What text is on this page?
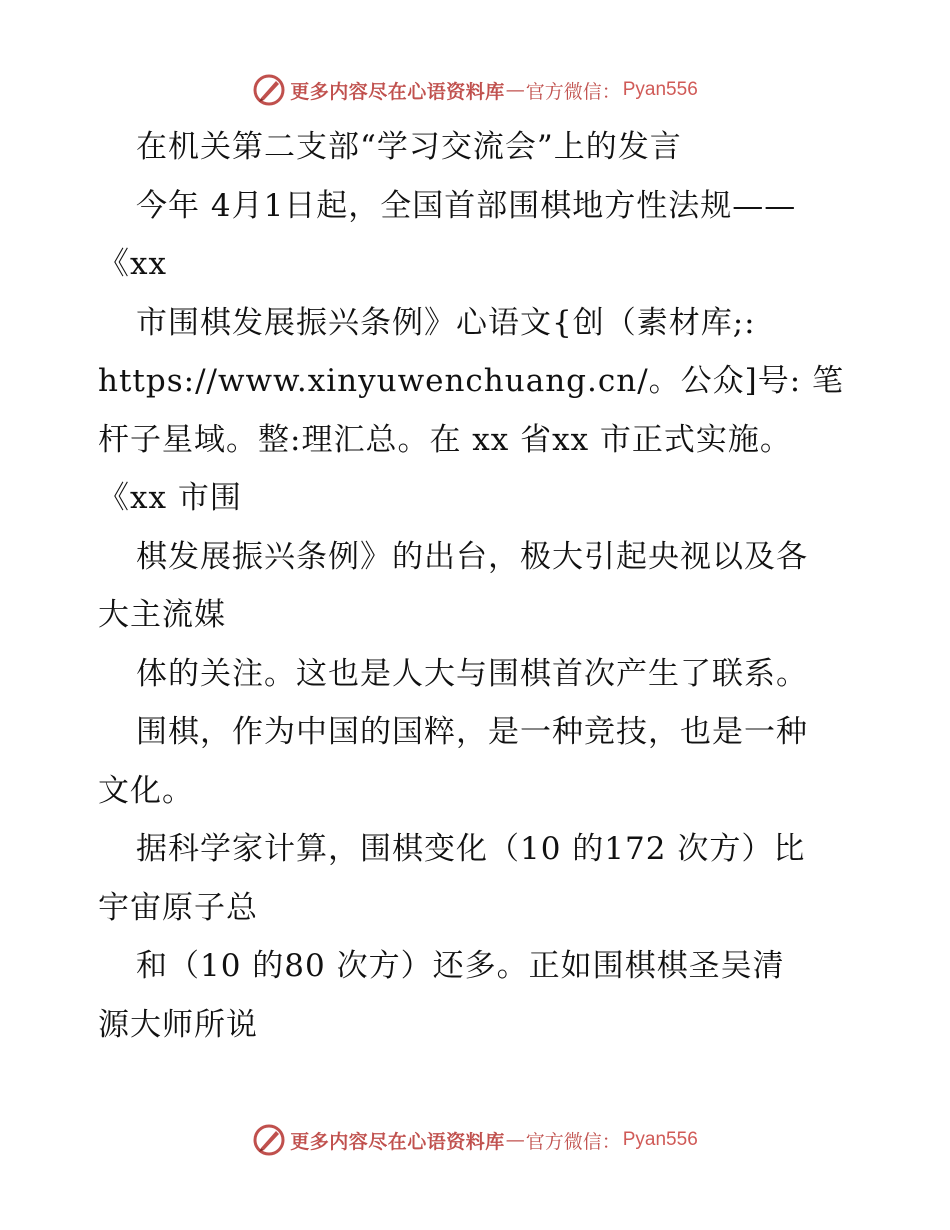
更多内容尽在心语资料库 — 官方微信： Pyan556
在机关第二支部“学习交流会”上的发言
今年 4月1日起，全国首部围棋地方性法规——
《xx
市围棋发展振兴条例》心语文{创（素材库;:
https://www.xinyuwenchuang.cn/。公众]号: 笔
杆子星域。整:理汇总。在 xx 省xx 市正式实施。
《xx 市围
棋发展振兴条例》的出台，极大引起央视以及各
大主流媒
体的关注。这也是人大与围棋首次产生了联系。
围棋，作为中国的国粹，是一种竞技，也是一种
文化。
据科学家计算，围棋变化（10 的172 次方）比
宇宙原子总
和（10 的80 次方）还多。正如围棋棋圣吴清
源大师所说
更多内容尽在心语资料库 — 官方微信： Pyan556
